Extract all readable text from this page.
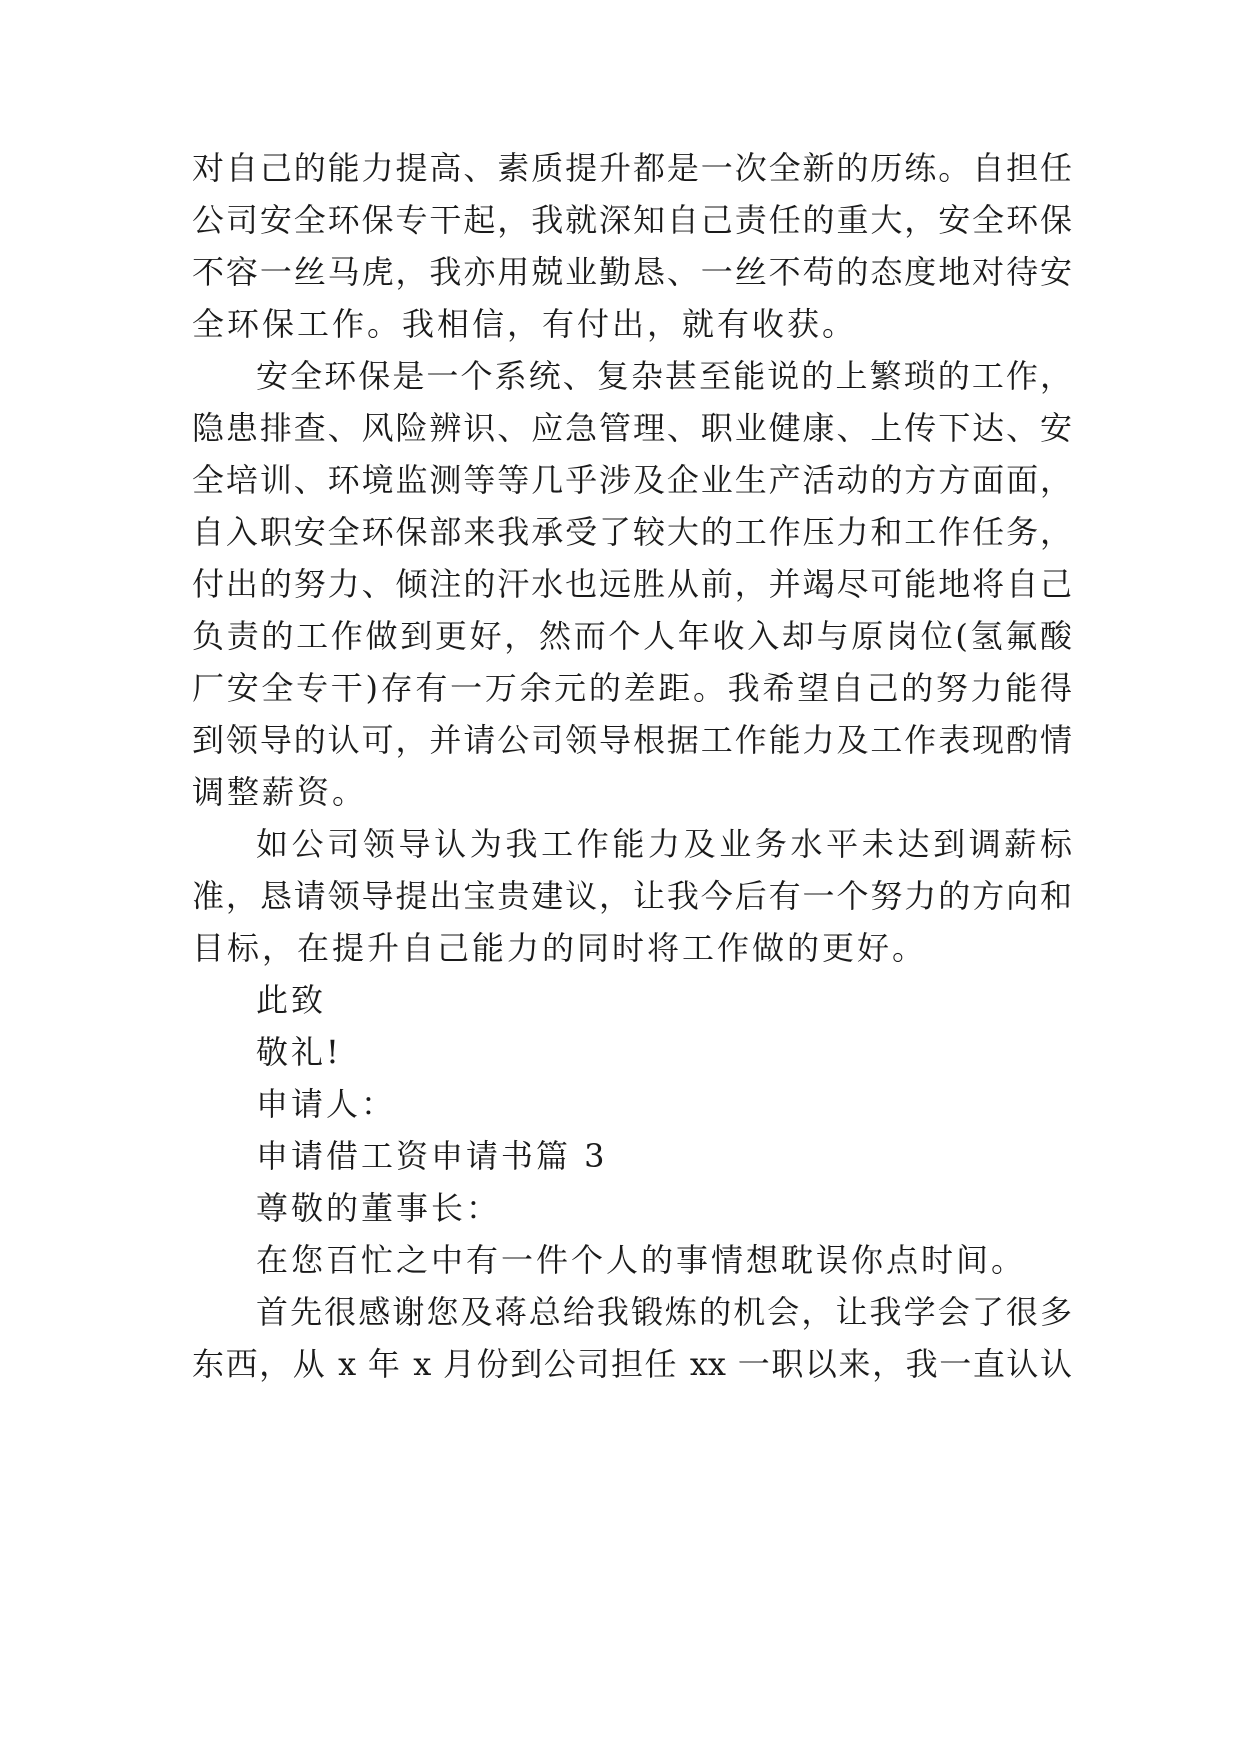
对自己的能力提高、素质提升都是一次全新的历练。自担任
公司安全环保专干起，我就深知自己责任的重大，安全环保
不容一丝马虎，我亦用兢业勤恳、一丝不苟的态度地对待安
全环保工作。我相信，有付出，就有收获。
安全环保是一个系统、复杂甚至能说的上繁琐的工作，
隐患排查、风险辨识、应急管理、职业健康、上传下达、安
全培训、环境监测等等几乎涉及企业生产活动的方方面面，
自入职安全环保部来我承受了较大的工作压力和工作任务，
付出的努力、倾注的汗水也远胜从前，并竭尽可能地将自己
负责的工作做到更好，然而个人年收入却与原岗位(氢氟酸
厂安全专干)存有一万余元的差距。我希望自己的努力能得
到领导的认可，并请公司领导根据工作能力及工作表现酌情
调整薪资。
如公司领导认为我工作能力及业务水平未达到调薪标
准，恳请领导提出宝贵建议，让我今后有一个努力的方向和
目标，在提升自己能力的同时将工作做的更好。
此致
敬礼!
申请人：
申请借工资申请书篇 3
尊敬的董事长：
在您百忙之中有一件个人的事情想耽误你点时间。
首先很感谢您及蒋总给我锻炼的机会，让我学会了很多
东西，从 x 年 x 月份到公司担任 xx 一职以来，我一直认认
